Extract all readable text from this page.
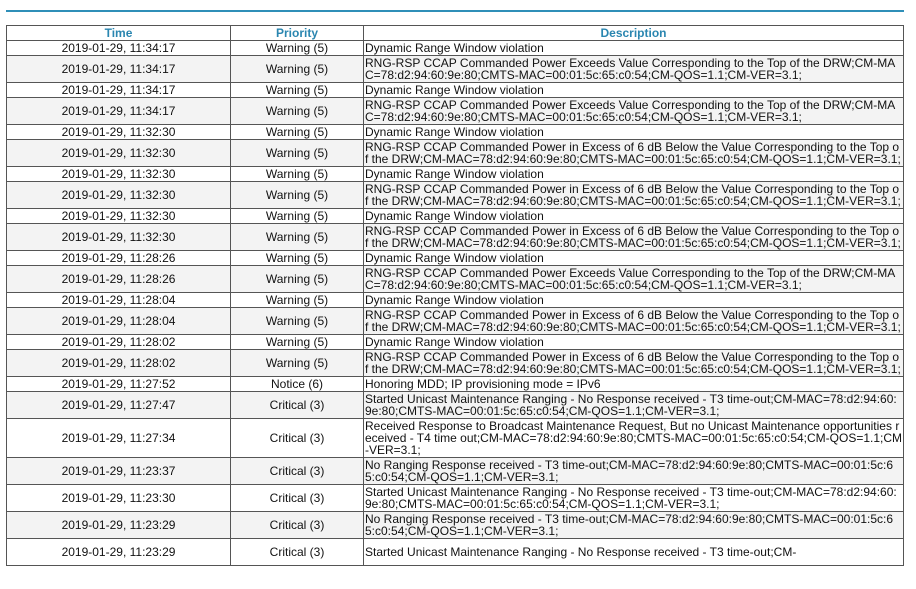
Time	Priority	Description
2019-01-29, 11:34:17	Warning (5)	Dynamic Range Window violation
2019-01-29, 11:34:17	Warning (5)	RNG-RSP CCAP Commanded Power Exceeds Value Corresponding to the Top of the DRW;CM-MAC=78:d2:94:60:9e:80;CMTS-MAC=00:01:5c:65:c0:54;CM-QOS=1.1;CM-VER=3.1;
2019-01-29, 11:34:17	Warning (5)	Dynamic Range Window violation
2019-01-29, 11:34:17	Warning (5)	RNG-RSP CCAP Commanded Power Exceeds Value Corresponding to the Top of the DRW;CM-MAC=78:d2:94:60:9e:80;CMTS-MAC=00:01:5c:65:c0:54;CM-QOS=1.1;CM-VER=3.1;
2019-01-29, 11:32:30	Warning (5)	Dynamic Range Window violation
2019-01-29, 11:32:30	Warning (5)	RNG-RSP CCAP Commanded Power in Excess of 6 dB Below the Value Corresponding to the Top of the DRW;CM-MAC=78:d2:94:60:9e:80;CMTS-MAC=00:01:5c:65:c0:54;CM-QOS=1.1;CM-VER=3.1;
2019-01-29, 11:32:30	Warning (5)	Dynamic Range Window violation
2019-01-29, 11:32:30	Warning (5)	RNG-RSP CCAP Commanded Power in Excess of 6 dB Below the Value Corresponding to the Top of the DRW;CM-MAC=78:d2:94:60:9e:80;CMTS-MAC=00:01:5c:65:c0:54;CM-QOS=1.1;CM-VER=3.1;
2019-01-29, 11:32:30	Warning (5)	Dynamic Range Window violation
2019-01-29, 11:32:30	Warning (5)	RNG-RSP CCAP Commanded Power in Excess of 6 dB Below the Value Corresponding to the Top of the DRW;CM-MAC=78:d2:94:60:9e:80;CMTS-MAC=00:01:5c:65:c0:54;CM-QOS=1.1;CM-VER=3.1;
2019-01-29, 11:28:26	Warning (5)	Dynamic Range Window violation
2019-01-29, 11:28:26	Warning (5)	RNG-RSP CCAP Commanded Power Exceeds Value Corresponding to the Top of the DRW;CM-MAC=78:d2:94:60:9e:80;CMTS-MAC=00:01:5c:65:c0:54;CM-QOS=1.1;CM-VER=3.1;
2019-01-29, 11:28:04	Warning (5)	Dynamic Range Window violation
2019-01-29, 11:28:04	Warning (5)	RNG-RSP CCAP Commanded Power in Excess of 6 dB Below the Value Corresponding to the Top of the DRW;CM-MAC=78:d2:94:60:9e:80;CMTS-MAC=00:01:5c:65:c0:54;CM-QOS=1.1;CM-VER=3.1;
2019-01-29, 11:28:02	Warning (5)	Dynamic Range Window violation
2019-01-29, 11:28:02	Warning (5)	RNG-RSP CCAP Commanded Power in Excess of 6 dB Below the Value Corresponding to the Top of the DRW;CM-MAC=78:d2:94:60:9e:80;CMTS-MAC=00:01:5c:65:c0:54;CM-QOS=1.1;CM-VER=3.1;
2019-01-29, 11:27:52	Notice (6)	Honoring MDD; IP provisioning mode = IPv6
2019-01-29, 11:27:47	Critical (3)	Started Unicast Maintenance Ranging - No Response received - T3 time-out;CM-MAC=78:d2:94:60:9e:80;CMTS-MAC=00:01:5c:65:c0:54;CM-QOS=1.1;CM-VER=3.1;
2019-01-29, 11:27:34	Critical (3)	Received Response to Broadcast Maintenance Request, But no Unicast Maintenance opportunities received - T4 time out;CM-MAC=78:d2:94:60:9e:80;CMTS-MAC=00:01:5c:65:c0:54;CM-QOS=1.1;CM-VER=3.1;
2019-01-29, 11:23:37	Critical (3)	No Ranging Response received - T3 time-out;CM-MAC=78:d2:94:60:9e:80;CMTS-MAC=00:01:5c:65:c0:54;CM-QOS=1.1;CM-VER=3.1;
2019-01-29, 11:23:30	Critical (3)	Started Unicast Maintenance Ranging - No Response received - T3 time-out;CM-MAC=78:d2:94:60:9e:80;CMTS-MAC=00:01:5c:65:c0:54;CM-QOS=1.1;CM-VER=3.1;
2019-01-29, 11:23:29	Critical (3)	No Ranging Response received - T3 time-out;CM-MAC=78:d2:94:60:9e:80;CMTS-MAC=00:01:5c:65:c0:54;CM-QOS=1.1;CM-VER=3.1;
2019-01-29, 11:23:29	Critical (3)	Started Unicast Maintenance Ranging - No Response received - T3 time-out;CM-
